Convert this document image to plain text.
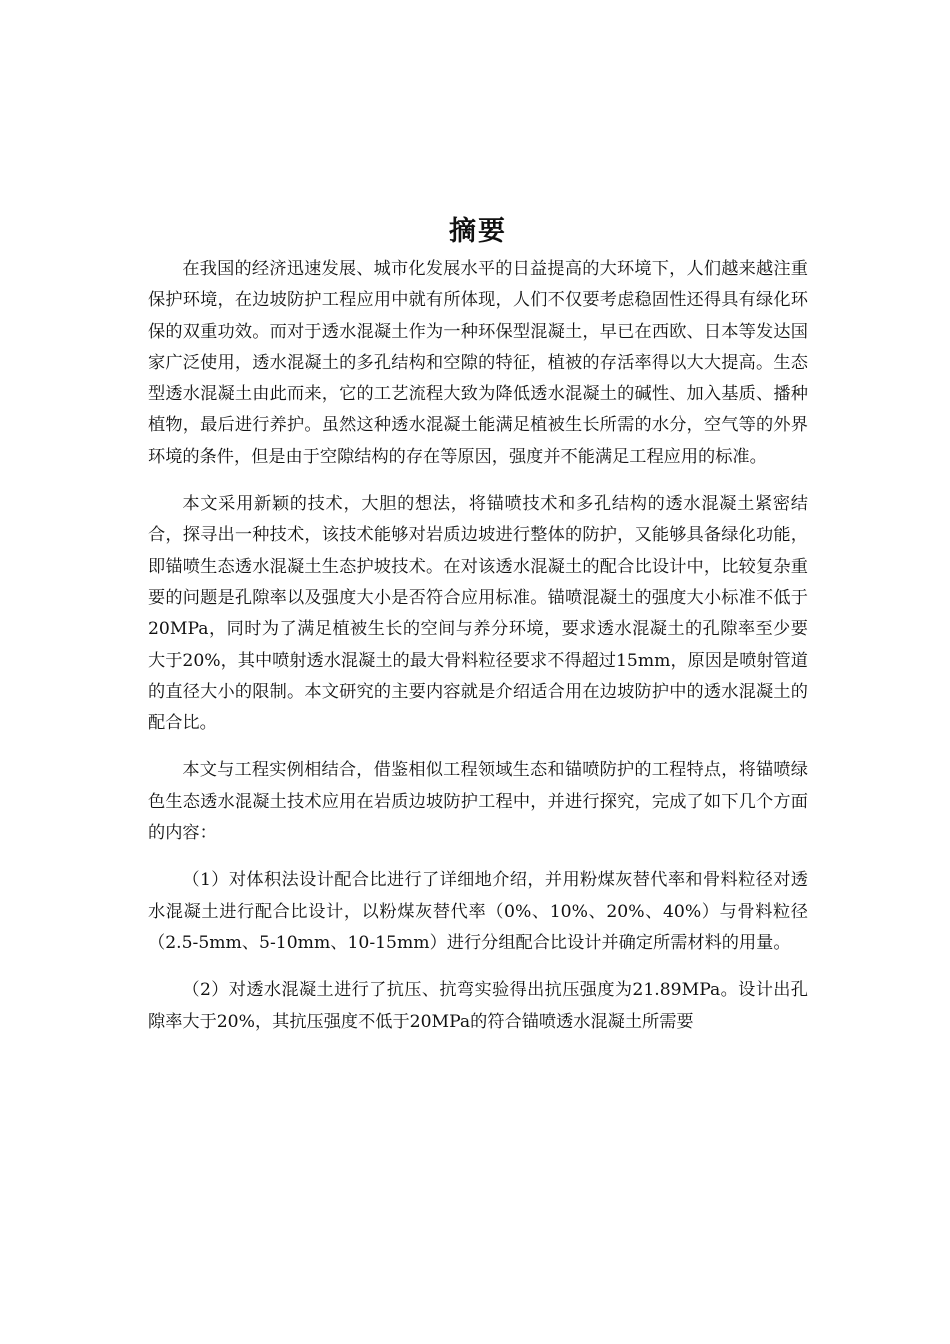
摘要

在我国的经济迅速发展、城市化发展水平的日益提高的大环境下，人们越来越注重保护环境，在边坡防护工程应用中就有所体现，人们不仅要考虑稳固性还得具有绿化环保的双重功效。而对于透水混凝土作为一种环保型混凝土，早已在西欧、日本等发达国家广泛使用，透水混凝土的多孔结构和空隙的特征，植被的存活率得以大大提高。生态型透水混凝土由此而来，它的工艺流程大致为降低透水混凝土的碱性、加入基质、播种植物，最后进行养护。虽然这种透水混凝土能满足植被生长所需的水分，空气等的外界环境的条件，但是由于空隙结构的存在等原因，强度并不能满足工程应用的标准。

本文采用新颖的技术，大胆的想法，将锚喷技术和多孔结构的透水混凝土紧密结合，探寻出一种技术，该技术能够对岩质边坡进行整体的防护，又能够具备绿化功能，即锚喷生态透水混凝土生态护坡技术。在对该透水混凝土的配合比设计中，比较复杂重要的问题是孔隙率以及强度大小是否符合应用标准。锚喷混凝土的强度大小标准不低于20MPa，同时为了满足植被生长的空间与养分环境，要求透水混凝土的孔隙率至少要大于20%，其中喷射透水混凝土的最大骨料粒径要求不得超过15mm，原因是喷射管道的直径大小的限制。本文研究的主要内容就是介绍适合用在边坡防护中的透水混凝土的配合比。

本文与工程实例相结合，借鉴相似工程领域生态和锚喷防护的工程特点，将锚喷绿色生态透水混凝土技术应用在岩质边坡防护工程中，并进行探究，完成了如下几个方面的内容：

（1）对体积法设计配合比进行了详细地介绍，并用粉煤灰替代率和骨料粒径对透水混凝土进行配合比设计，以粉煤灰替代率（0%、10%、20%、40%）与骨料粒径（2.5-5mm、5-10mm、10-15mm）进行分组配合比设计并确定所需材料的用量。

（2）对透水混凝土进行了抗压、抗弯实验得出抗压强度为21.89MPa。设计出孔隙率大于20%，其抗压强度不低于20MPa的符合锚喷透水混凝土所需要
